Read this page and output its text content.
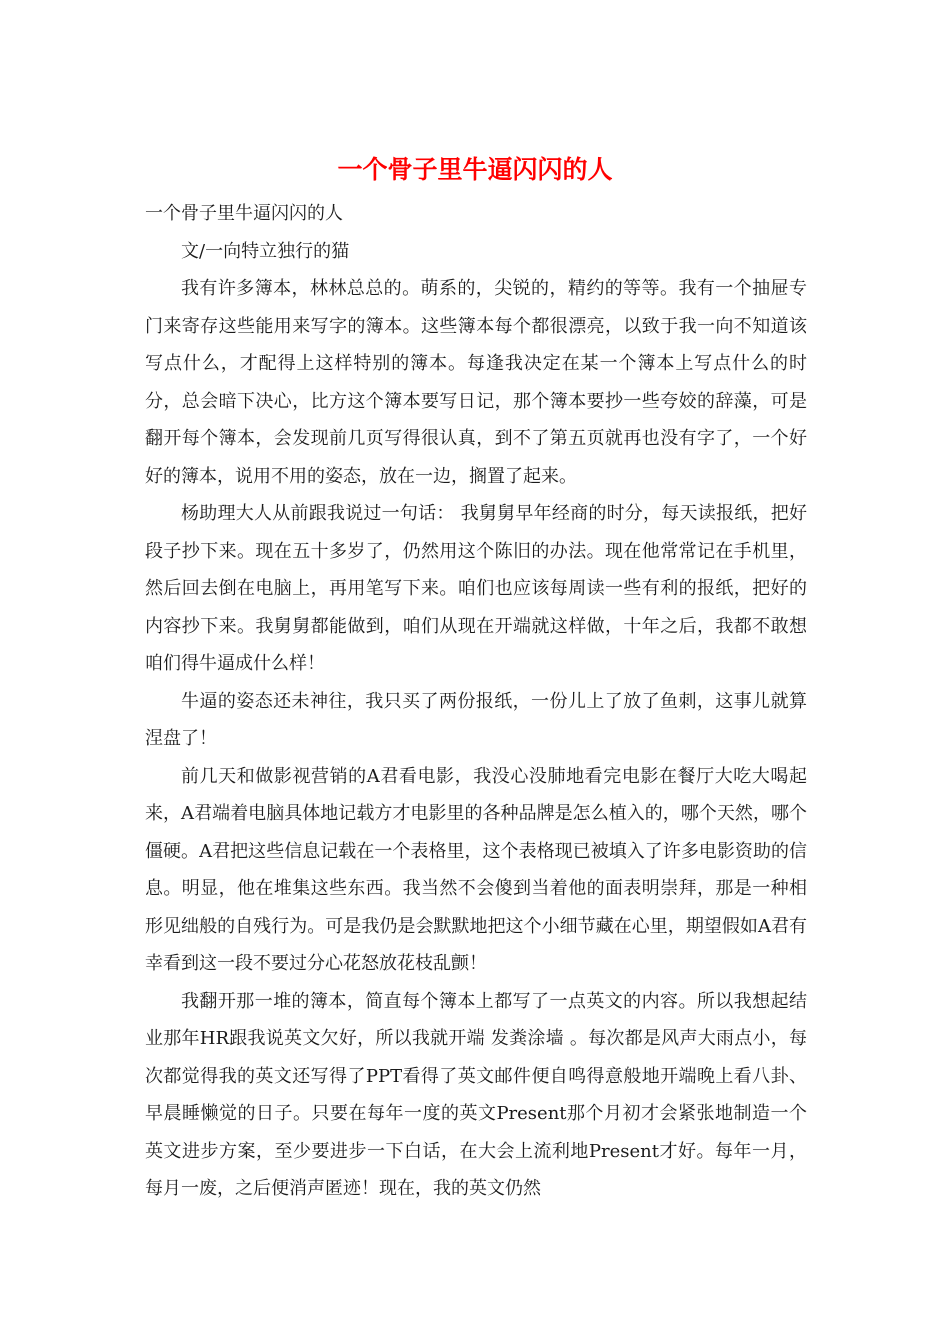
一个骨子里牛逼闪闪的人

一个骨子里牛逼闪闪的人

文/一向特立独行的猫

我有许多簿本，林林总总的。萌系的，尖锐的，精约的等等。我有一个抽屉专门来寄存这些能用来写字的簿本。这些簿本每个都很漂亮，以致于我一向不知道该写点什么，才配得上这样特别的簿本。每逢我决定在某一个簿本上写点什么的时分，总会暗下决心，比方这个簿本要写日记，那个簿本要抄一些夸姣的辞藻，可是翻开每个簿本，会发现前几页写得很认真，到不了第五页就再也没有字了，一个好好的簿本，说用不用的姿态，放在一边，搁置了起来。

杨助理大人从前跟我说过一句话： 我舅舅早年经商的时分，每天读报纸，把好段子抄下来。现在五十多岁了，仍然用这个陈旧的办法。现在他常常记在手机里，然后回去倒在电脑上，再用笔写下来。咱们也应该每周读一些有利的报纸，把好的内容抄下来。我舅舅都能做到，咱们从现在开端就这样做，十年之后，我都不敢想咱们得牛逼成什么样！

牛逼的姿态还未神往，我只买了两份报纸，一份儿上了放了鱼刺，这事儿就算涅盘了！

前几天和做影视营销的A君看电影，我没心没肺地看完电影在餐厅大吃大喝起来，A君端着电脑具体地记载方才电影里的各种品牌是怎么植入的，哪个天然，哪个僵硬。A君把这些信息记载在一个表格里，这个表格现已被填入了许多电影资助的信息。明显，他在堆集这些东西。我当然不会傻到当着他的面表明崇拜，那是一种相形见绌般的自残行为。可是我仍是会默默地把这个小细节藏在心里，期望假如A君有幸看到这一段不要过分心花怒放花枝乱颤！

我翻开那一堆的簿本，简直每个簿本上都写了一点英文的内容。所以我想起结业那年HR跟我说英文欠好，所以我就开端 发粪涂墙 。每次都是风声大雨点小，每次都觉得我的英文还写得了PPT看得了英文邮件便自鸣得意般地开端晚上看八卦、早晨睡懒觉的日子。只要在每年一度的英文Present那个月初才会紧张地制造一个英文进步方案，至少要进步一下白话，在大会上流利地Present才好。每年一月，每月一废，之后便消声匿迹！现在，我的英文仍然
